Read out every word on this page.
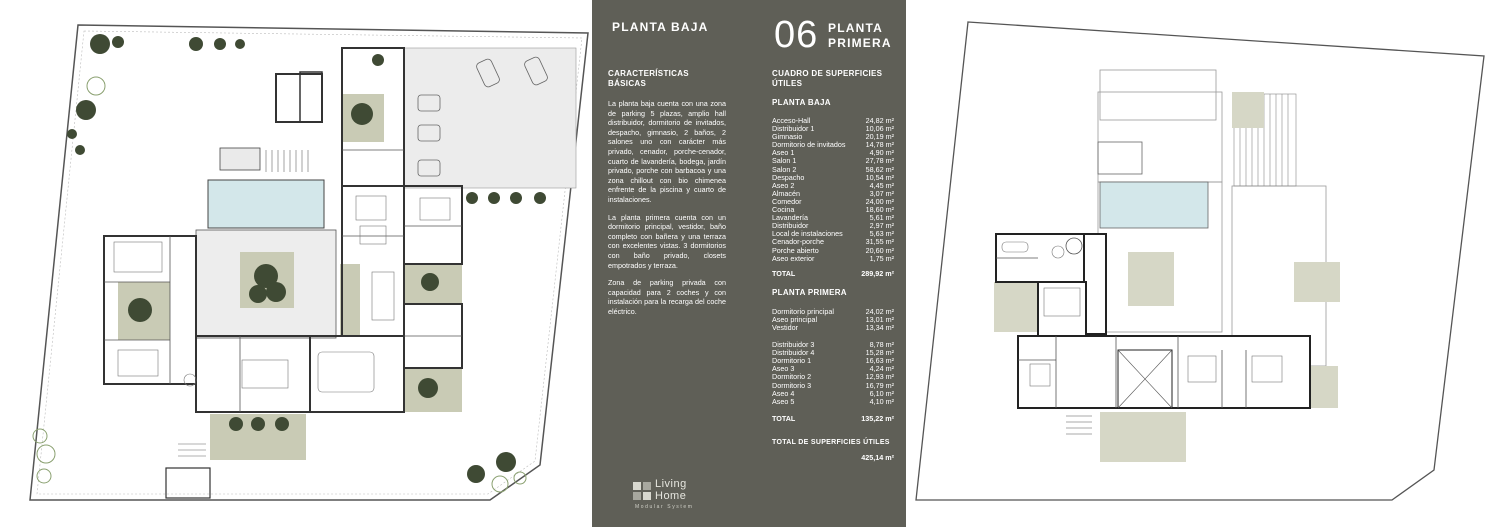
PLANTA BAJA 06 PLANTA
PRIMERA
CARACTERÍSTICAS BÁSICAS
La planta baja cuenta con una zona de parking 5 plazas, amplio hall distribuidor, dormitorio de invitados, despacho, gimnasio, 2 baños, 2 salones uno con carácter más privado, cenador, porche-cenador, cuarto de lavandería, bodega, jardín privado, porche con barbacoa y una zona chillout con bio chimenea enfrente de la piscina y cuarto de instalaciones.
La planta primera cuenta con un dormitorio principal, vestidor, baño completo con bañera y una terraza con excelentes vistas. 3 dormitorios con baño privado, closets empotrados y terraza.
Zona de parking privada con capacidad para 2 coches y con instalación para la recarga del coche eléctrico.
CUADRO DE SUPERFICIES ÚTILES
PLANTA BAJA
Acceso-Hall	24,82 m²
Distribuidor 1	10,06 m²
Gimnasio	20,19 m²
Dormitorio de invitados	14,78 m²
Aseo 1	4,90 m²
Salon 1	27,78 m²
Salon 2	58,62 m²
Despacho	10,54 m²
Aseo 2	4,45 m²
Almacén	3,07 m²
Comedor	24,00 m²
Cocina	18,60 m²
Lavandería	5,61 m²
Distribuidor	2,97 m²
Local de instalaciones	5,63 m²
Cenador-porche	31,55 m²
Porche abierto	20,60 m²
Aseo exterior	1,75 m²
TOTAL	289,92 m²
PLANTA PRIMERA
Dormitorio principal	24,02 m²
Aseo principal	13,01 m²
Vestidor	13,34 m²
Distribuidor 3	8,78 m²
Distribuidor 4	15,28 m²
Dormitorio 1	16,63 m²
Aseo 3	4,24 m²
Dormitorio 2	12,93 m²
Dormitorio 3	16,79 m²
Aseo 4	6,10 m²
Aseo 5	4,10 m²
TOTAL	135,22 m²
TOTAL DE SUPERFICIES ÚTILES
425,14 m²
Living
Home
Modular System
